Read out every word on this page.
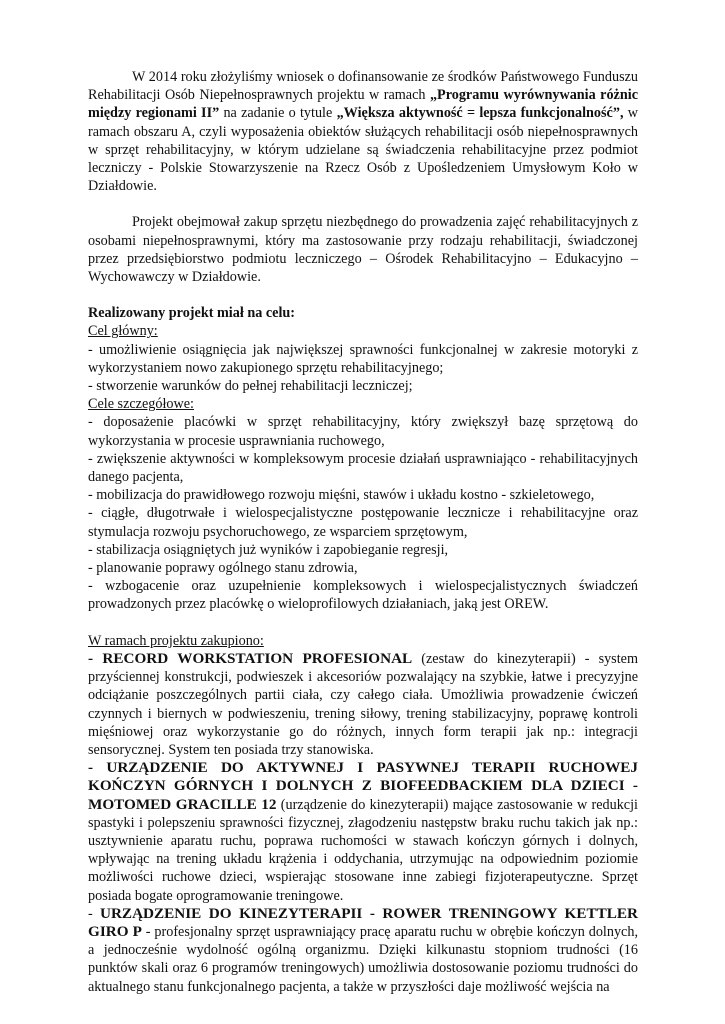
W 2014 roku złożyliśmy wniosek o dofinansowanie ze środków Państwowego Funduszu Rehabilitacji Osób Niepełnosprawnych projektu w ramach „Programu wyrównywania różnic między regionami II” na zadanie o tytule „Większa aktywność = lepsza funkcjonalność”, w ramach obszaru A, czyli wyposażenia obiektów służących rehabilitacji osób niepełnosprawnych w sprzęt rehabilitacyjny, w którym udzielane są świadczenia rehabilitacyjne przez podmiot leczniczy - Polskie Stowarzyszenie na Rzecz Osób z Upośledzeniem Umysłowym Koło w Działdowie.

Projekt obejmował zakup sprzętu niezbędnego do prowadzenia zajęć rehabilitacyjnych z osobami niepełnosprawnymi, który ma zastosowanie przy rodzaju rehabilitacji, świadczonej przez przedsiębiorstwo podmiotu leczniczego – Ośrodek Rehabilitacyjno – Edukacyjno – Wychowawczy w Działdowie.

Realizowany projekt miał na celu:

Cel główny:

- umożliwienie osiągnięcia jak największej sprawności funkcjonalnej w zakresie motoryki z wykorzystaniem nowo zakupionego sprzętu rehabilitacyjnego;

- stworzenie warunków do pełnej rehabilitacji leczniczej;

Cele szczegółowe:

- doposażenie placówki w sprzęt rehabilitacyjny, który zwiększył bazę sprzętową do wykorzystania w procesie usprawniania ruchowego,

- zwiększenie aktywności w kompleksowym procesie działań usprawniająco - rehabilitacyjnych danego pacjenta,

- mobilizacja do prawidłowego rozwoju mięśni, stawów i układu kostno - szkieletowego,

- ciągłe, długotrwałe i wielospecjalistyczne postępowanie lecznicze i rehabilitacyjne oraz stymulacja rozwoju psychoruchowego, ze wsparciem sprzętowym,

- stabilizacja osiągniętych już wyników i zapobieganie regresji,

- planowanie poprawy ogólnego stanu zdrowia,

- wzbogacenie oraz uzupełnienie kompleksowych i wielospecjalistycznych świadczeń prowadzonych przez placówkę o wieloprofilowych działaniach, jaką jest OREW.

W ramach projektu zakupiono:

- RECORD WORKSTATION PROFESIONAL (zestaw do kinezyterapii) - system przyściennej konstrukcji, podwieszek i akcesoriów pozwalający na szybkie, łatwe i precyzyjne odciążanie poszczególnych partii ciała, czy całego ciała. Umożliwia prowadzenie ćwiczeń czynnych i biernych w podwieszeniu, trening siłowy, trening stabilizacyjny, poprawę kontroli mięśniowej oraz wykorzystanie go do różnych, innych form terapii jak np.: integracji sensorycznej. System ten posiada trzy stanowiska.

- URZĄDZENIE DO AKTYWNEJ I PASYWNEJ TERAPII RUCHOWEJ KOŃCZYN GÓRNYCH I DOLNYCH Z BIOFEEDBACKIEM DLA DZIECI - MOTOMED GRACILLE 12 (urządzenie do kinezyterapii) mające zastosowanie w redukcji spastyki i polepszeniu sprawności fizycznej, złagodzeniu następstw braku ruchu takich jak np.: usztywnienie aparatu ruchu, poprawa ruchomości w stawach kończyn górnych i dolnych, wpływając na trening układu krążenia i oddychania, utrzymując na odpowiednim poziomie możliwości ruchowe dzieci, wspierając stosowane inne zabiegi fizjoterapeutyczne. Sprzęt posiada bogate oprogramowanie treningowe.

- URZĄDZENIE DO KINEZYTERAPII - ROWER TRENINGOWY KETTLER GIRO P - profesjonalny sprzęt usprawniający pracę aparatu ruchu w obrębie kończyn dolnych, a jednocześnie wydolność ogólną organizmu. Dzięki kilkunastu stopniom trudności (16 punktów skali oraz 6 programów treningowych) umożliwia dostosowanie poziomu trudności do aktualnego stanu funkcjonalnego pacjenta, a także w przyszłości daje możliwość wejścia na
